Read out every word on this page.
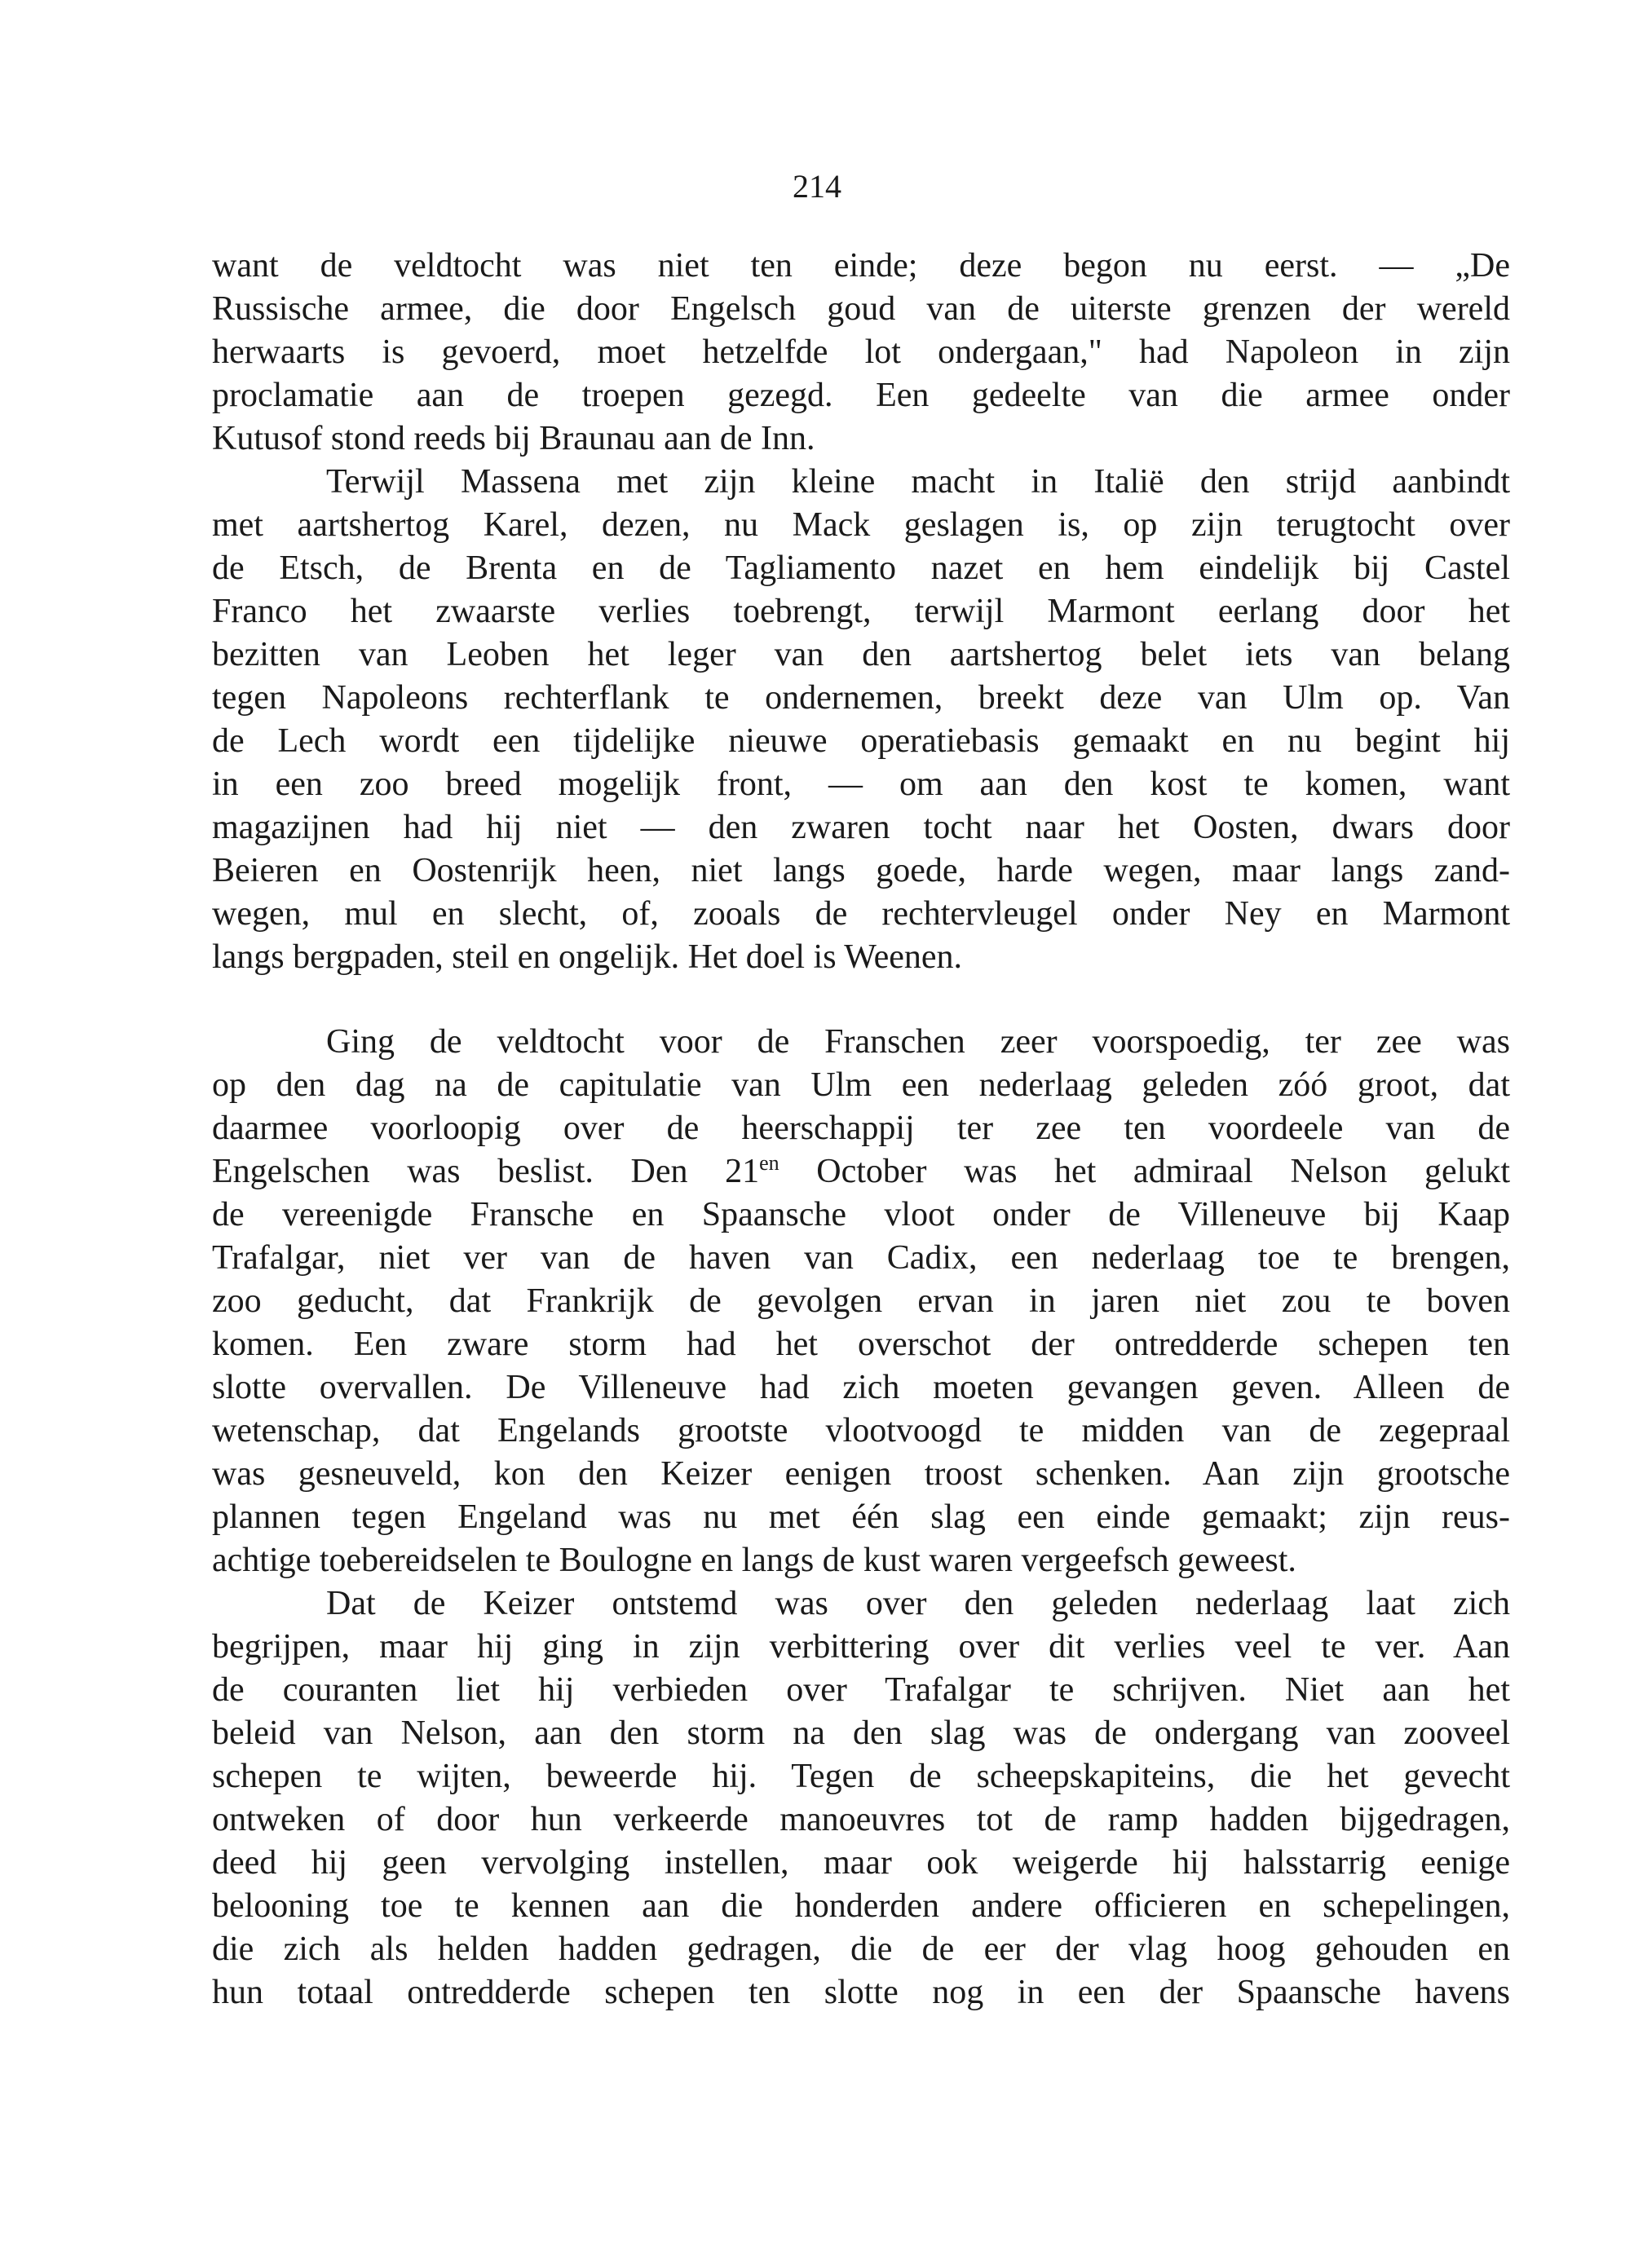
214

want de veldtocht was niet ten einde; deze begon nu eerst. — „De
Russische armee, die door Engelsch goud van de uiterste grenzen der wereld
herwaarts is gevoerd, moet hetzelfde lot ondergaan," had Napoleon in zijn
proclamatie aan de troepen gezegd. Een gedeelte van die armee onder
Kutusof stond reeds bij Braunau aan de Inn.
Terwijl Massena met zijn kleine macht in Italië den strijd aanbindt
met aartshertog Karel, dezen, nu Mack geslagen is, op zijn terugtocht over
de Etsch, de Brenta en de Tagliamento nazet en hem eindelijk bij Castel
Franco het zwaarste verlies toebrengt, terwijl Marmont eerlang door het
bezitten van Leoben het leger van den aartshertog belet iets van belang
tegen Napoleons rechterflank te ondernemen, breekt deze van Ulm op. Van
de Lech wordt een tijdelijke nieuwe operatiebasis gemaakt en nu begint hij
in een zoo breed mogelijk front, — om aan den kost te komen, want
magazijnen had hij niet — den zwaren tocht naar het Oosten, dwars door
Beieren en Oostenrijk heen, niet langs goede, harde wegen, maar langs zand-
wegen, mul en slecht, of, zooals de rechtervleugel onder Ney en Marmont
langs bergpaden, steil en ongelijk. Het doel is Weenen.
Ging de veldtocht voor de Franschen zeer voorspoedig, ter zee was
op den dag na de capitulatie van Ulm een nederlaag geleden zóó groot, dat
daarmee voorloopig over de heerschappij ter zee ten voordeele van de
Engelschen was beslist. Den $21^{en}$ October was het admiraal Nelson gelukt
de vereenigde Fransche en Spaansche vloot onder de Villeneuve bij Kaap
Trafalgar, niet ver van de haven van Cadix, een nederlaag toe te brengen,
zoo geducht, dat Frankrijk de gevolgen ervan in jaren niet zou te boven
komen. Een zware storm had het overschot der ontredderde schepen ten
slotte overvallen. De Villeneuve had zich moeten gevangen geven. Alleen de
wetenschap, dat Engelands grootste vlootvoogd te midden van de zegepraal
was gesneuveld, kon den Keizer eenigen troost schenken. Aan zijn grootsche
plannen tegen Engeland was nu met één slag een einde gemaakt; zijn reus-
achtige toebereidselen te Boulogne en langs de kust waren vergeefsch geweest.
Dat de Keizer ontstemd was over den geleden nederlaag laat zich
begrijpen, maar hij ging in zijn verbittering over dit verlies veel te ver. Aan
de couranten liet hij verbieden over Trafalgar te schrijven. Niet aan het
beleid van Nelson, aan den storm na den slag was de ondergang van zooveel
schepen te wijten, beweerde hij. Tegen de scheepskapiteins, die het gevecht
ontweken of door hun verkeerde manoeuvres tot de ramp hadden bijgedragen,
deed hij geen vervolging instellen, maar ook weigerde hij halsstarrig eenige
belooning toe te kennen aan die honderden andere officieren en schepelingen,
die zich als helden hadden gedragen, die de eer der vlag hoog gehouden en
hun totaal ontredderde schepen ten slotte nog in een der Spaansche havens
